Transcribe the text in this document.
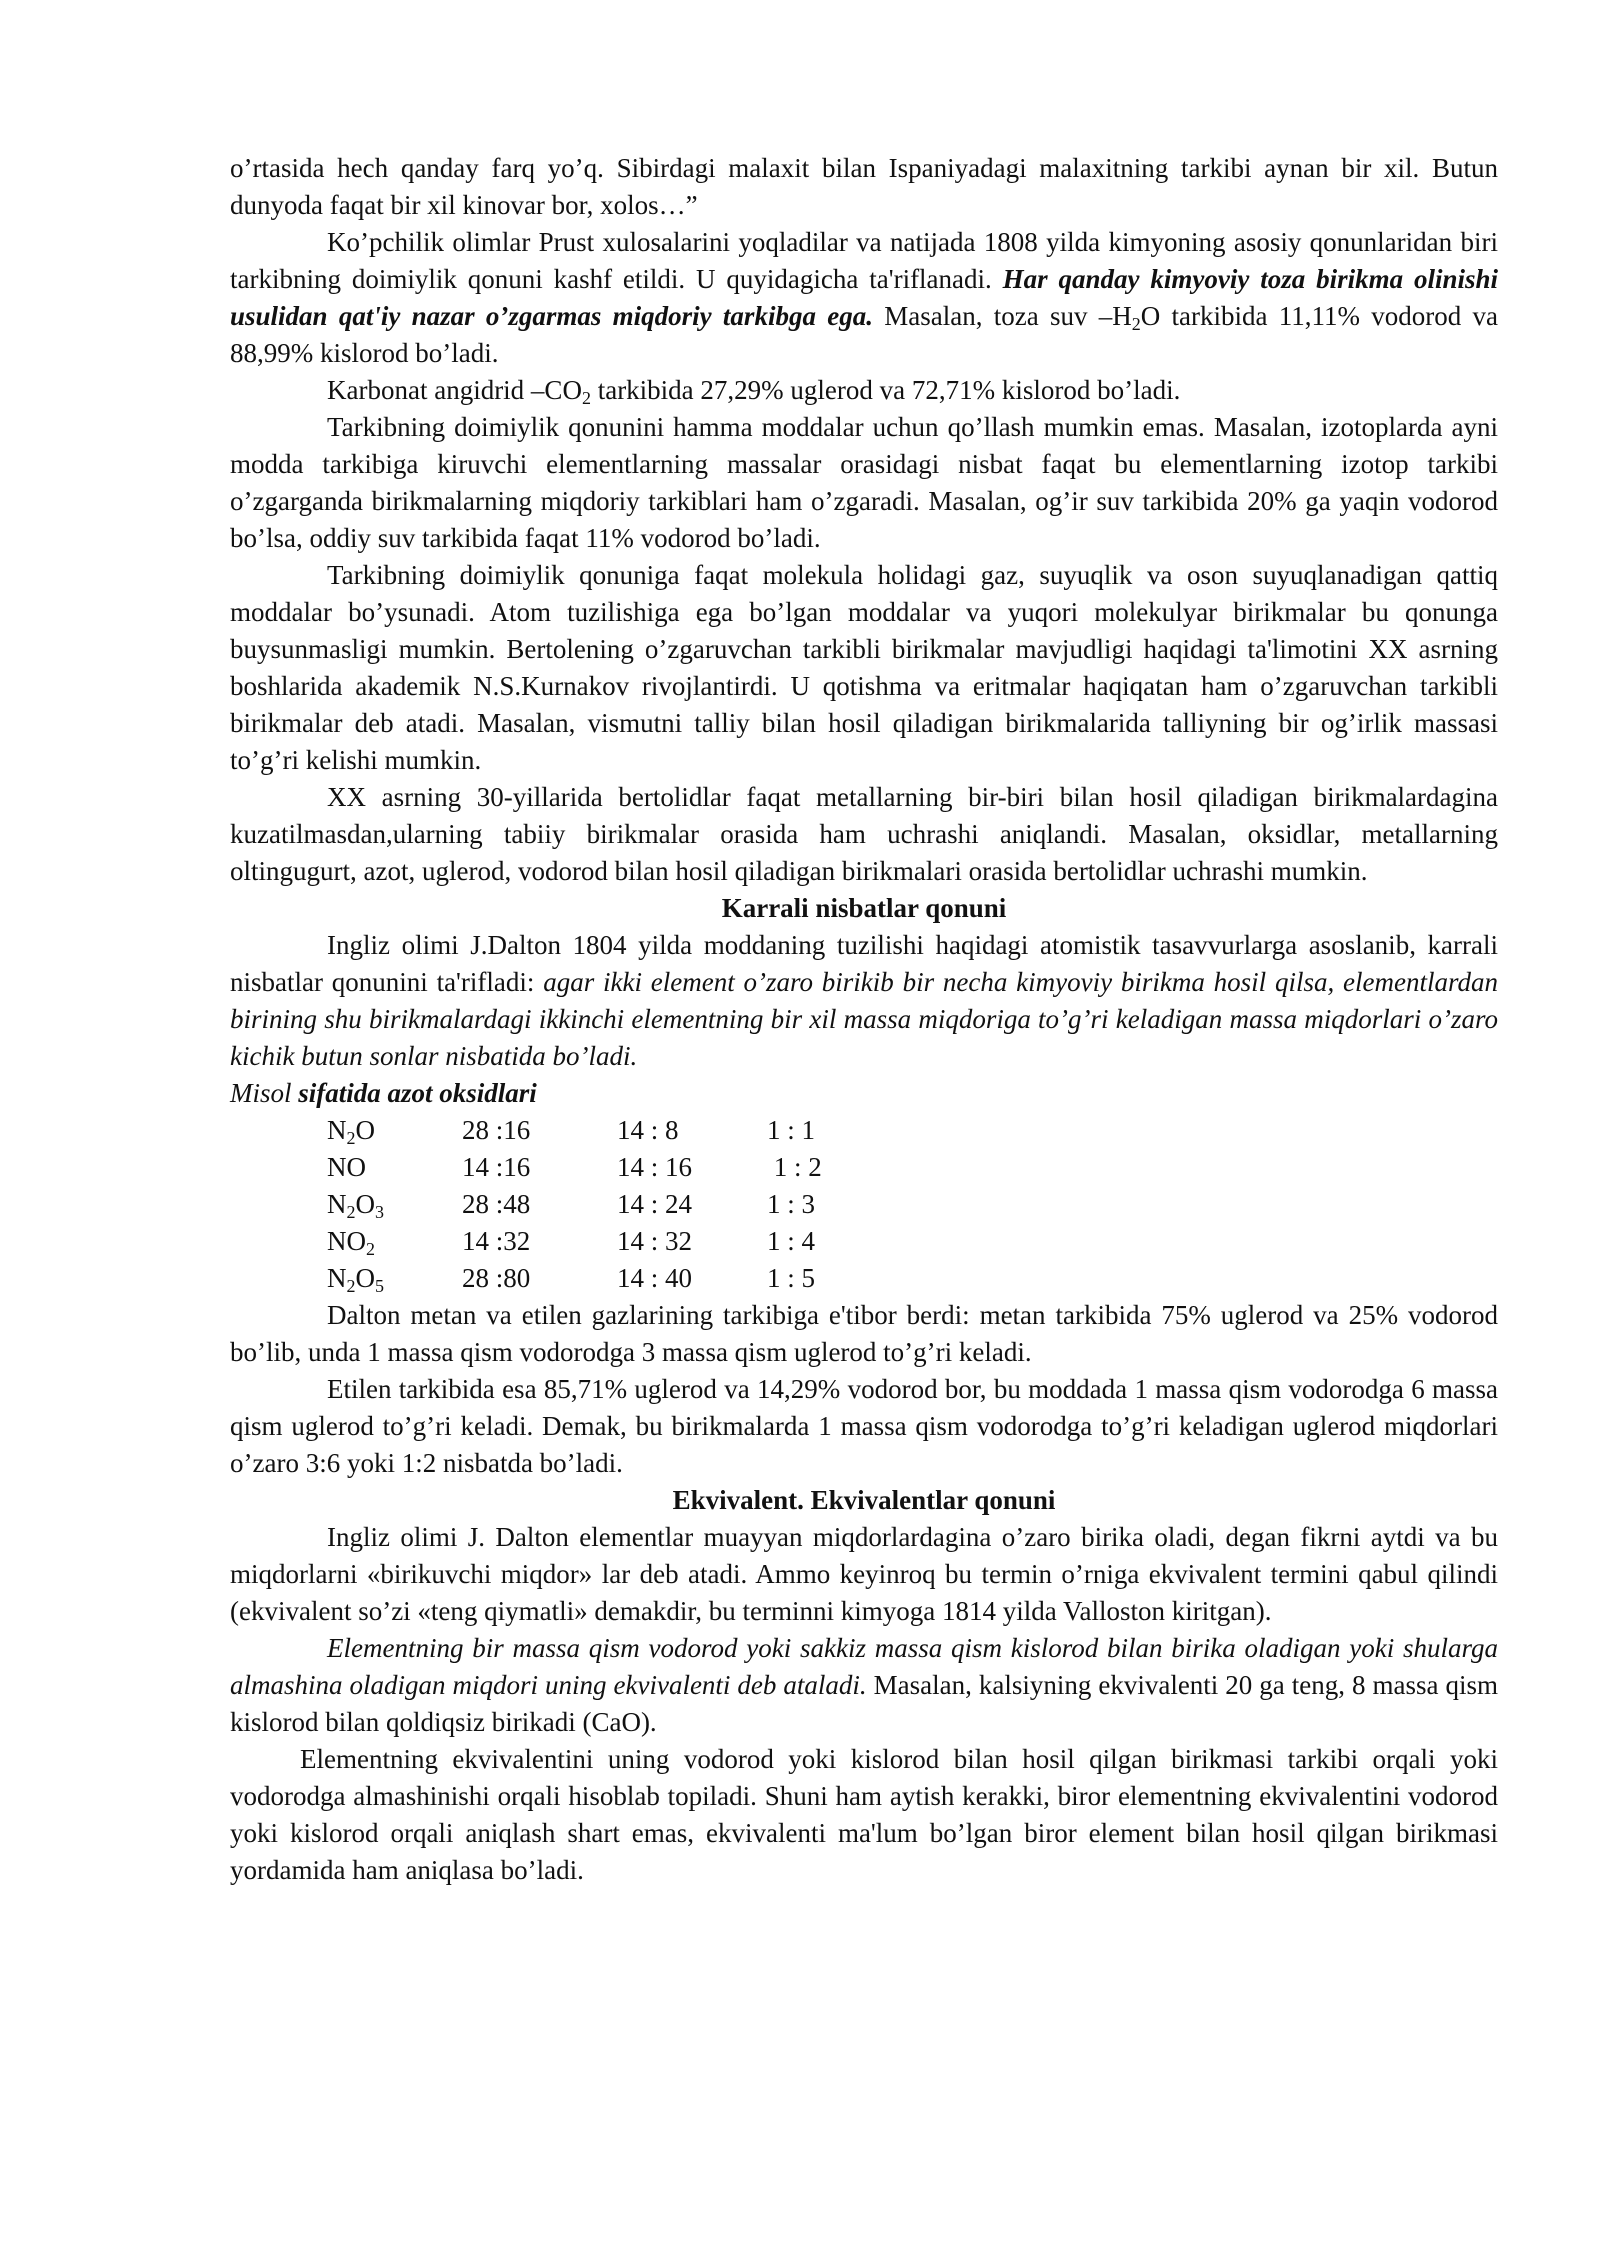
o’rtasida hech qanday farq yo’q. Sibirdagi malaxit bilan Ispaniyadagi malaxitning tarkibi aynan bir xil. Butun dunyoda faqat bir xil kinovar bor, xolos…”

Ko’pchilik olimlar Prust xulosalarini yoqladilar va natijada 1808 yilda kimyoning asosiy qonunlaridan biri tarkibning doimiylik qonuni kashf etildi. U quyidagicha ta'riflanadi. Har qanday kimyoviy toza birikma olinishi usulidan qat'iy nazar o’zgarmas miqdoriy tarkibga ega. Masalan, toza suv $-H_2O$ tarkibida 11,11% vodorod va 88,99% kislorod bo’ladi.

Karbonat angidrid $-CO_2$ tarkibida 27,29% uglerod va 72,71% kislorod bo’ladi.

Tarkibning doimiylik qonunini hamma moddalar uchun qo’llash mumkin emas. Masalan, izotoplarda ayni modda tarkibiga kiruvchi elementlarning massalar orasidagi nisbat faqat bu elementlarning izotop tarkibi o’zgarganda birikmalarning miqdoriy tarkiblari ham o’zgaradi. Masalan, og’ir suv tarkibida 20% ga yaqin vodorod bo’lsa, oddiy suv tarkibida faqat 11% vodorod bo’ladi.

Tarkibning doimiylik qonuniga faqat molekula holidagi gaz, suyuqlik va oson suyuqlanadigan qattiq moddalar bo’ysunadi. Atom tuzilishiga ega bo’lgan moddalar va yuqori molekulyar birikmalar bu qonunga buysunmasligi mumkin. Bertolening o’zgaruvchan tarkibli birikmalar mavjudligi haqidagi ta'limotini XX asrning boshlarida akademik N.S.Kurnakov rivojlantirdi. U qotishma va eritmalar haqiqatan ham o’zgaruvchan tarkibli birikmalar deb atadi. Masalan, vismutni talliy bilan hosil qiladigan birikmalarida talliyning bir og’irlik massasi to’g’ri kelishi mumkin.

XX asrning 30-yillarida bertolidlar faqat metallarning bir-biri bilan hosil qiladigan birikmalardagina kuzatilmasdan,ularning tabiiy birikmalar orasida ham uchrashi aniqlandi. Masalan, oksidlar, metallarning oltingugurt, azot, uglerod, vodorod bilan hosil qiladigan birikmalari orasida bertolidlar uchrashi mumkin.

Karrali nisbatlar qonuni

Ingliz olimi J.Dalton 1804 yilda moddaning tuzilishi haqidagi atomistik tasavvurlarga asoslanib, karrali nisbatlar qonunini ta'rifladi: agar ikki element o’zaro birikib bir necha kimyoviy birikma hosil qilsa, elementlardan birining shu birikmalardagi ikkinchi elementning bir xil massa miqdoriga to’g’ri keladigan massa miqdorlari o’zaro kichik butun sonlar nisbatida bo’ladi.

Misol sifatida azot oksidlari

$N_2O$	28 :16	14 : 8	1 : 1
NO	14 :16	14 : 16	1 : 2
$N_2O_3$	28 :48	14 : 24	1 : 3
$NO_2$	14 :32	14 : 32	1 : 4
$N_2O_5$	28 :80	14 : 40	1 : 5

Dalton metan va etilen gazlarining tarkibiga e'tibor berdi: metan tarkibida 75% uglerod va 25% vodorod bo’lib, unda 1 massa qism vodorodga 3 massa qism uglerod to’g’ri keladi.

Etilen tarkibida esa 85,71% uglerod va 14,29% vodorod bor, bu moddada 1 massa qism vodorodga 6 massa qism uglerod to’g’ri keladi. Demak, bu birikmalarda 1 massa qism vodorodga to’g’ri keladigan uglerod miqdorlari o’zaro 3:6 yoki 1:2 nisbatda bo’ladi.

Ekvivalent. Ekvivalentlar qonuni

Ingliz olimi J. Dalton elementlar muayyan miqdorlardagina o’zaro birika oladi, degan fikrni aytdi va bu miqdorlarni «birikuvchi miqdor» lar deb atadi. Ammo keyinroq bu termin o’rniga ekvivalent termini qabul qilindi (ekvivalent so’zi «teng qiymatli» demakdir, bu terminni kimyoga 1814 yilda Valloston kiritgan).

Elementning bir massa qism vodorod yoki sakkiz massa qism kislorod bilan birika oladigan yoki shularga almashina oladigan miqdori uning ekvivalenti deb ataladi. Masalan, kalsiyning ekvivalenti 20 ga teng, 8 massa qism kislorod bilan qoldiqsiz birikadi (CaO).

Elementning ekvivalentini uning vodorod yoki kislorod bilan hosil qilgan birikmasi tarkibi orqali yoki vodorodga almashinishi orqali hisoblab topiladi. Shuni ham aytish kerakki, biror elementning ekvivalentini vodorod yoki kislorod orqali aniqlash shart emas, ekvivalenti ma'lum bo’lgan biror element bilan hosil qilgan birikmasi yordamida ham aniqlasa bo’ladi.
